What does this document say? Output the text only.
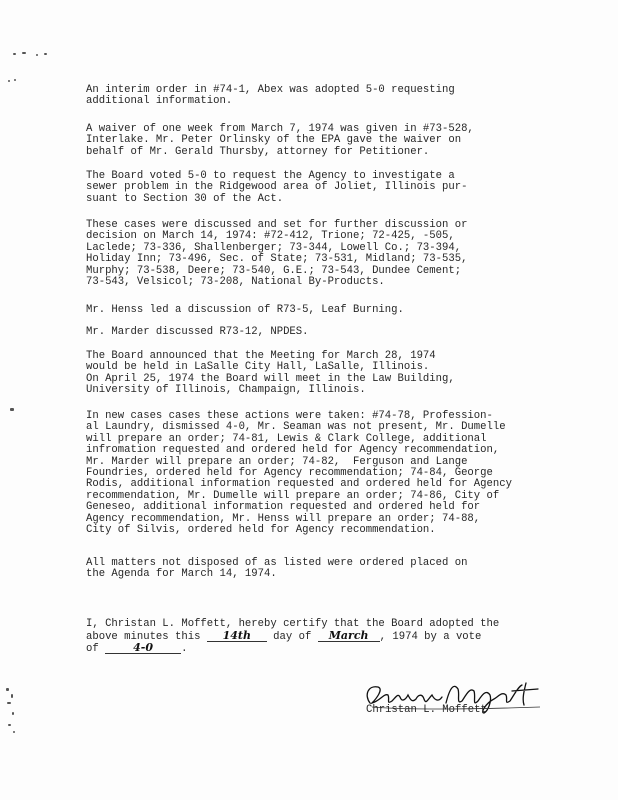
An interim order in #74-1, Abex was adopted 5-0 requesting
additional information.

A waiver of one week from March 7, 1974 was given in #73-528,
Interlake. Mr. Peter Orlinsky of the EPA gave the waiver on
behalf of Mr. Gerald Thursby, attorney for Petitioner.

The Board voted 5-0 to request the Agency to investigate a
sewer problem in the Ridgewood area of Joliet, Illinois pur-
suant to Section 30 of the Act.

These cases were discussed and set for further discussion or
decision on March 14, 1974: #72-412, Trione; 72-425, -505,
Laclede; 73-336, Shallenberger; 73-344, Lowell Co.; 73-394,
Holiday Inn; 73-496, Sec. of State; 73-531, Midland; 73-535,
Murphy; 73-538, Deere; 73-540, G.E.; 73-543, Dundee Cement;
73-543, Velsicol; 73-208, National By-Products.

Mr. Henss led a discussion of R73-5, Leaf Burning.

Mr. Marder discussed R73-12, NPDES.

The Board announced that the Meeting for March 28, 1974
would be held in LaSalle City Hall, LaSalle, Illinois.
On April 25, 1974 the Board will meet in the Law Building,
University of Illinois, Champaign, Illinois.

In new cases cases these actions were taken: #74-78, Profession-
al Laundry, dismissed 4-0, Mr. Seaman was not present, Mr. Dumelle
will prepare an order; 74-81, Lewis & Clark College, additional
infromation requested and ordered held for Agency recommendation,
Mr. Marder will prepare an order; 74-82,  Ferguson and Lange
Foundries, ordered held for Agency recommendation; 74-84, George
Rodis, additional information requested and ordered held for Agency
recommendation, Mr. Dumelle will prepare an order; 74-86, City of
Geneseo, additional information requested and ordered held for
Agency recommendation, Mr. Henss will prepare an order; 74-88,
City of Silvis, ordered held for Agency recommendation.

All matters not disposed of as listed were ordered placed on
the Agenda for March 14, 1974.

I, Christan L. Moffett, hereby certify that the Board adopted the

above minutes this 14th day of March , 1974 by a vote

of	4-0	.

Christan L. Moffett
